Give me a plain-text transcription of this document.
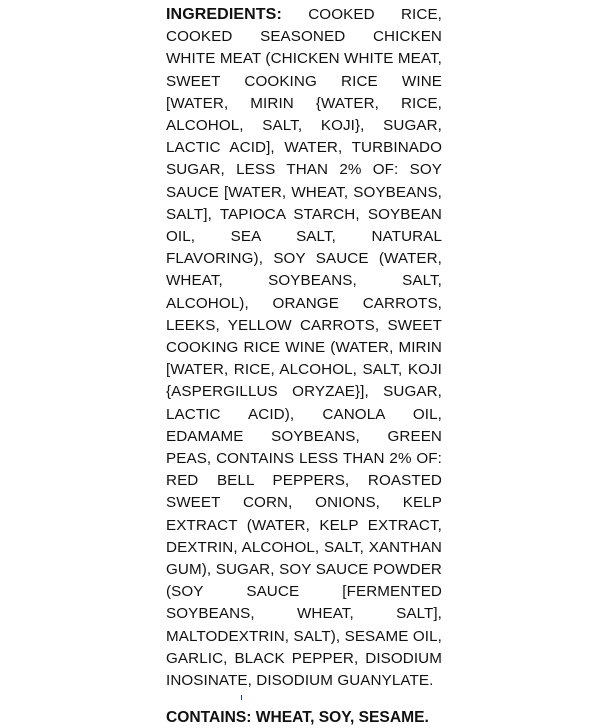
INGREDIENTS: COOKED RICE, COOKED SEASONED CHICKEN WHITE MEAT (CHICKEN WHITE MEAT, SWEET COOKING RICE WINE [WATER, MIRIN {WATER, RICE, ALCOHOL, SALT, KOJI}, SUGAR, LACTIC ACID], WATER, TURBINADO SUGAR, LESS THAN 2% OF: SOY SAUCE [WATER, WHEAT, SOYBEANS, SALT], TAPIOCA STARCH, SOYBEAN OIL, SEA SALT, NATURAL FLAVORING), SOY SAUCE (WATER, WHEAT, SOYBEANS, SALT, ALCOHOL), ORANGE CARROTS, LEEKS, YELLOW CARROTS, SWEET COOKING RICE WINE (WATER, MIRIN [WATER, RICE, ALCOHOL, SALT, KOJI {ASPERGILLUS ORYZAE}], SUGAR, LACTIC ACID), CANOLA OIL, EDAMAME SOYBEANS, GREEN PEAS, CONTAINS LESS THAN 2% OF: RED BELL PEPPERS, ROASTED SWEET CORN, ONIONS, KELP EXTRACT (WATER, KELP EXTRACT, DEXTRIN, ALCOHOL, SALT, XANTHAN GUM), SUGAR, SOY SAUCE POWDER (SOY SAUCE [FERMENTED SOYBEANS, WHEAT, SALT], MALTODEXTRIN, SALT), SESAME OIL, GARLIC, BLACK PEPPER, DISODIUM INOSINATE, DISODIUM GUANYLATE.

CONTAINS: WHEAT, SOY, SESAME.
